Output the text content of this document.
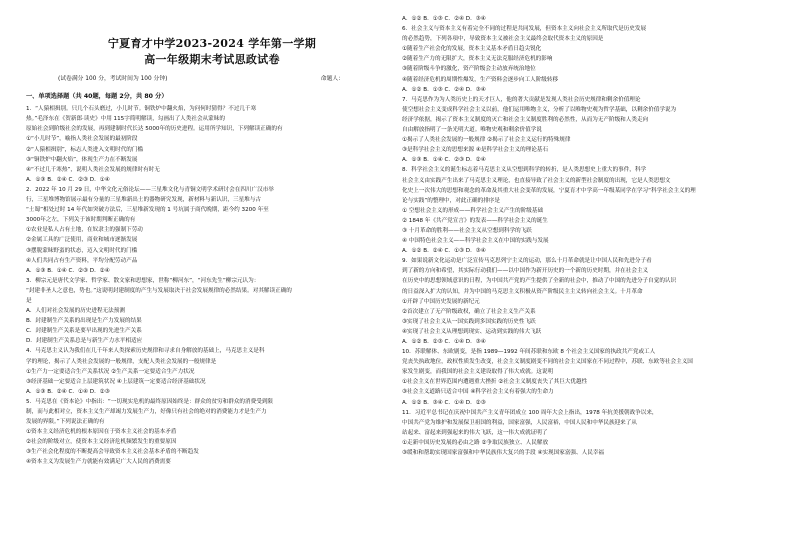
宁夏育才中学2023-2024 学年第一学期
高一年级期末考试思政试卷
(试卷满分 100 分，考试时间为 100 分钟)	命题人：
一、单项选择题（共 40题，每题 2分，共 80 分）
1．“人猿相揖别。只几个石头磨过，小儿时节。铜铁炉中翻火焰，为问何时猜得？不过几千寒
热。”毛泽东在《贺新郎·读史》中用 115字简明解读，勾画出了人类社会从蒙昧的
原始社会到阶级社会的发展，再到建制时代长达 5000年的历史进程。运用所学知识，下列解读正确的有
①“小儿时节”，喻指人类社会发展的最初阶段
②“人猿相揖别”，标志人类进入文明时代的门槛
③“铜铁炉中翻火焰”，体现生产力在不断发展
④“不过几千寒热”，说明人类社会发展的规律时有时无
A．①③ B．②④ C．②③ D．①④
2．2022 年 10 月 29 日，中华文化元俗论坛——三星堆文化与青铜文明学术研讨会在四川广汉市举
行，三星堆博物馆展示最有分量的三星堆新出土的器物研究发现，新材料与新认识，三星堆与古
“土蜀”相处过时 14 年代如突破方法后，三星堆新发现的 1 号坑属于商代晚期，距今约 3200 年至
3000年之左，下列关于该时期判断正确的有
①农业是私人占有土地，在奴隶主的强制下劳动
②金属工具的广泛使用，商业和城市逐渐发展
③摆脱蒙昧野蛮的状态，迈入文明时代的门槛
④人们共同占有生产资料，平均分配劳动产品
A．①③ B．①④ C．②③ D．②④
3．柳宗元是唐代文学家、哲学家、散文家和思想家，世称“柳河东”，“河东先生”柳宗元认为：
“封建非圣人之意也，势也。”这说明封建制度的产生与发展取决于社会发展规律的必然结果。对其解读正确的
是
A．人们对社会发展的历史进程无法预测
B．封建制生产关系的出现是生产力发展的结果
C．封建制生产关系是要早出现的先进生产关系
D．封建制生产关系总是与新生产力水平相适应
4．马克思主义认为我们在几千年来人类探索历史规律和寻求自身解放的基础上，马克思主义是科
学的理论，揭示了人类社会发展的一般规律，支配人类社会发展的一般规律是
①生产力一定要适合生产关系状况 ②生产关系一定要适合生产力状况
③经济基础一定要适合上层建筑状况 ④上层建筑一定要适合经济基础状况
A．①③ B．②④ C．①④ D．②③
5．马克思在《资本论》中指出：“一切现实危机的最终原因始终是：群众的贫穷和群众的消费受到限
制，而与此相对立，资本主义生产却竭力发展生产力，好像只有社会的绝对的消费能力才是生产力
发展的界限。”下列说法正确的有
①资本主义经济危机的根本原因在于资本主义社会的基本矛盾
②社会的阶级对立，使资本主义经济危机频繁发生的重要原因
③生产社会化程度的不断提高会导致资本主义社会基本矛盾的不断趋发
④资本主义为发展生产力就能有效满足广大人民的消费需要
A．①② B．①③ C．②④ D．③④
6．社会主义与资本主义有着完全不同的过程是共同发展，但资本主义向社会主义所取代是历史发展
的必然趋势，下列各项中，导致资本主义被社会主义最终会取代资本主义的原因是
①随着生产社会化的发展，资本主义基本矛盾日趋尖锐化
②随着生产力的无限扩大，资本主义无法克服经济危机的影响
③随着阶级斗争的激化，资产阶级会主动放弃统治地位
④随着经济危机的周期性爆发，生产资料会逐步向工人阶级转移
A．①② B．①③ C．②④ D．③④
7．马克思作为为人类历史上的天才巨人，他的著大贡献是发现人类社会历史规律和剩余价值理论
使空想社会主义变成科学社会主义以前，他们运用唯物主义，分析了以唯物史观为哲学基础，以剩余价值学说为
经济学依据，揭示了资本主义制度的灭亡和社会主义制度胜利的必然性，从而为无产阶级和人类走向
自由解放指明了一条光明大道。唯物史观和剩余价值学说
①揭示了人类社会发展的一般规律 ②揭示了社会主义运行的特殊规律
③是科学社会主义的思想来源 ④是科学社会主义的理论基石
A．①③ B．①④ C．②③ D．②④
8．科学社会主义的诞生标志着马克思主义从空想到科学的转折，是人类思想史上重大的事件，科学
社会主义由实践产生出来了马克思主义理论，也直接导致了社会主义的新型社会制度的出现，它是人类思想文
化史上一次伟大的思想和观念的革命及其重大社会变革的发展，宁夏育才中学高一年级某同学在学习“科学社会主义的理
论与实践”的整理中，对此正确的排序是
① 空想社会主义的形成——科学社会主义产生的阶级基础
② 1848 年《共产党宣言》的发表——科学社会主义的诞生
③ 十月革命的胜利——社会主义从空想到科学的飞跃
④ 中国特色社会主义——科学社会主义在中国的实践与发展
A．①② B．②④ C．①③ D．③④
9．如果说新文化运动是广泛宣传马克思列宁主义的运动，那么十月革命就是让中国人民和先进分子看
到了新的方向和希望，其实际行动我们——以中国作为新开历史的一个新的历史时期，并在社会主义
在历史中的思想领域意识的日程，为中国共产党的产生提供了全新的社会中，推动了中国的先进分子自觉的认识
的日益深入扩大的认知，并为中国的马克思主义积极从资产阶级民主主义转向社会主义。十月革命
①开辟了中国历史发展的新纪元
②首次建立了无产阶级政权，确立了社会主义生产关系
③实现了社会主义从一国实践到多国实践的历史性飞跃
④实现了社会主义从理想到现实、运动到实践的伟大飞跃
A．①② B．②③ C．①④ D．③④
10．苏联解体、东欧剧变，是指 1989—1992 年间苏联和东欧 8 个社会主义国家的执政共产党或工人
党丧失执政地位，政权性质发生改变，社会主义制度剧变不同的社会主义国家在不同过程中，苏联、东欧等社会主义国
家发生剧变，而我国的社会主义建设取得了伟大成就。这说明
①社会主义在世界范围内遭遇重大挫折 ②社会主义制度丧失了其巨大优越性
③社会主义道路只适合中国 ④科学社会主义有着强大的生命力
A．①② B．③④ C．①④ D．②③
11．习近平总书记在庆祝中国共产主义青年团成立 100 周年大会上指出，1978 年抗美援朝战争以来，
中国共产党为维护和发展保卫祖国的利益，国家富强，人民富裕，中国人民和中华民族迎来了从
站起来、富起来到强起来的伟大飞跃，这一伟大成就证明了
①走新中国历史发展的必由之路 ②争取民族独立、人民解放
③缓和和帮助实现国家富强和中华民族伟大复兴的手段 ④实现国家富强、人民幸福
